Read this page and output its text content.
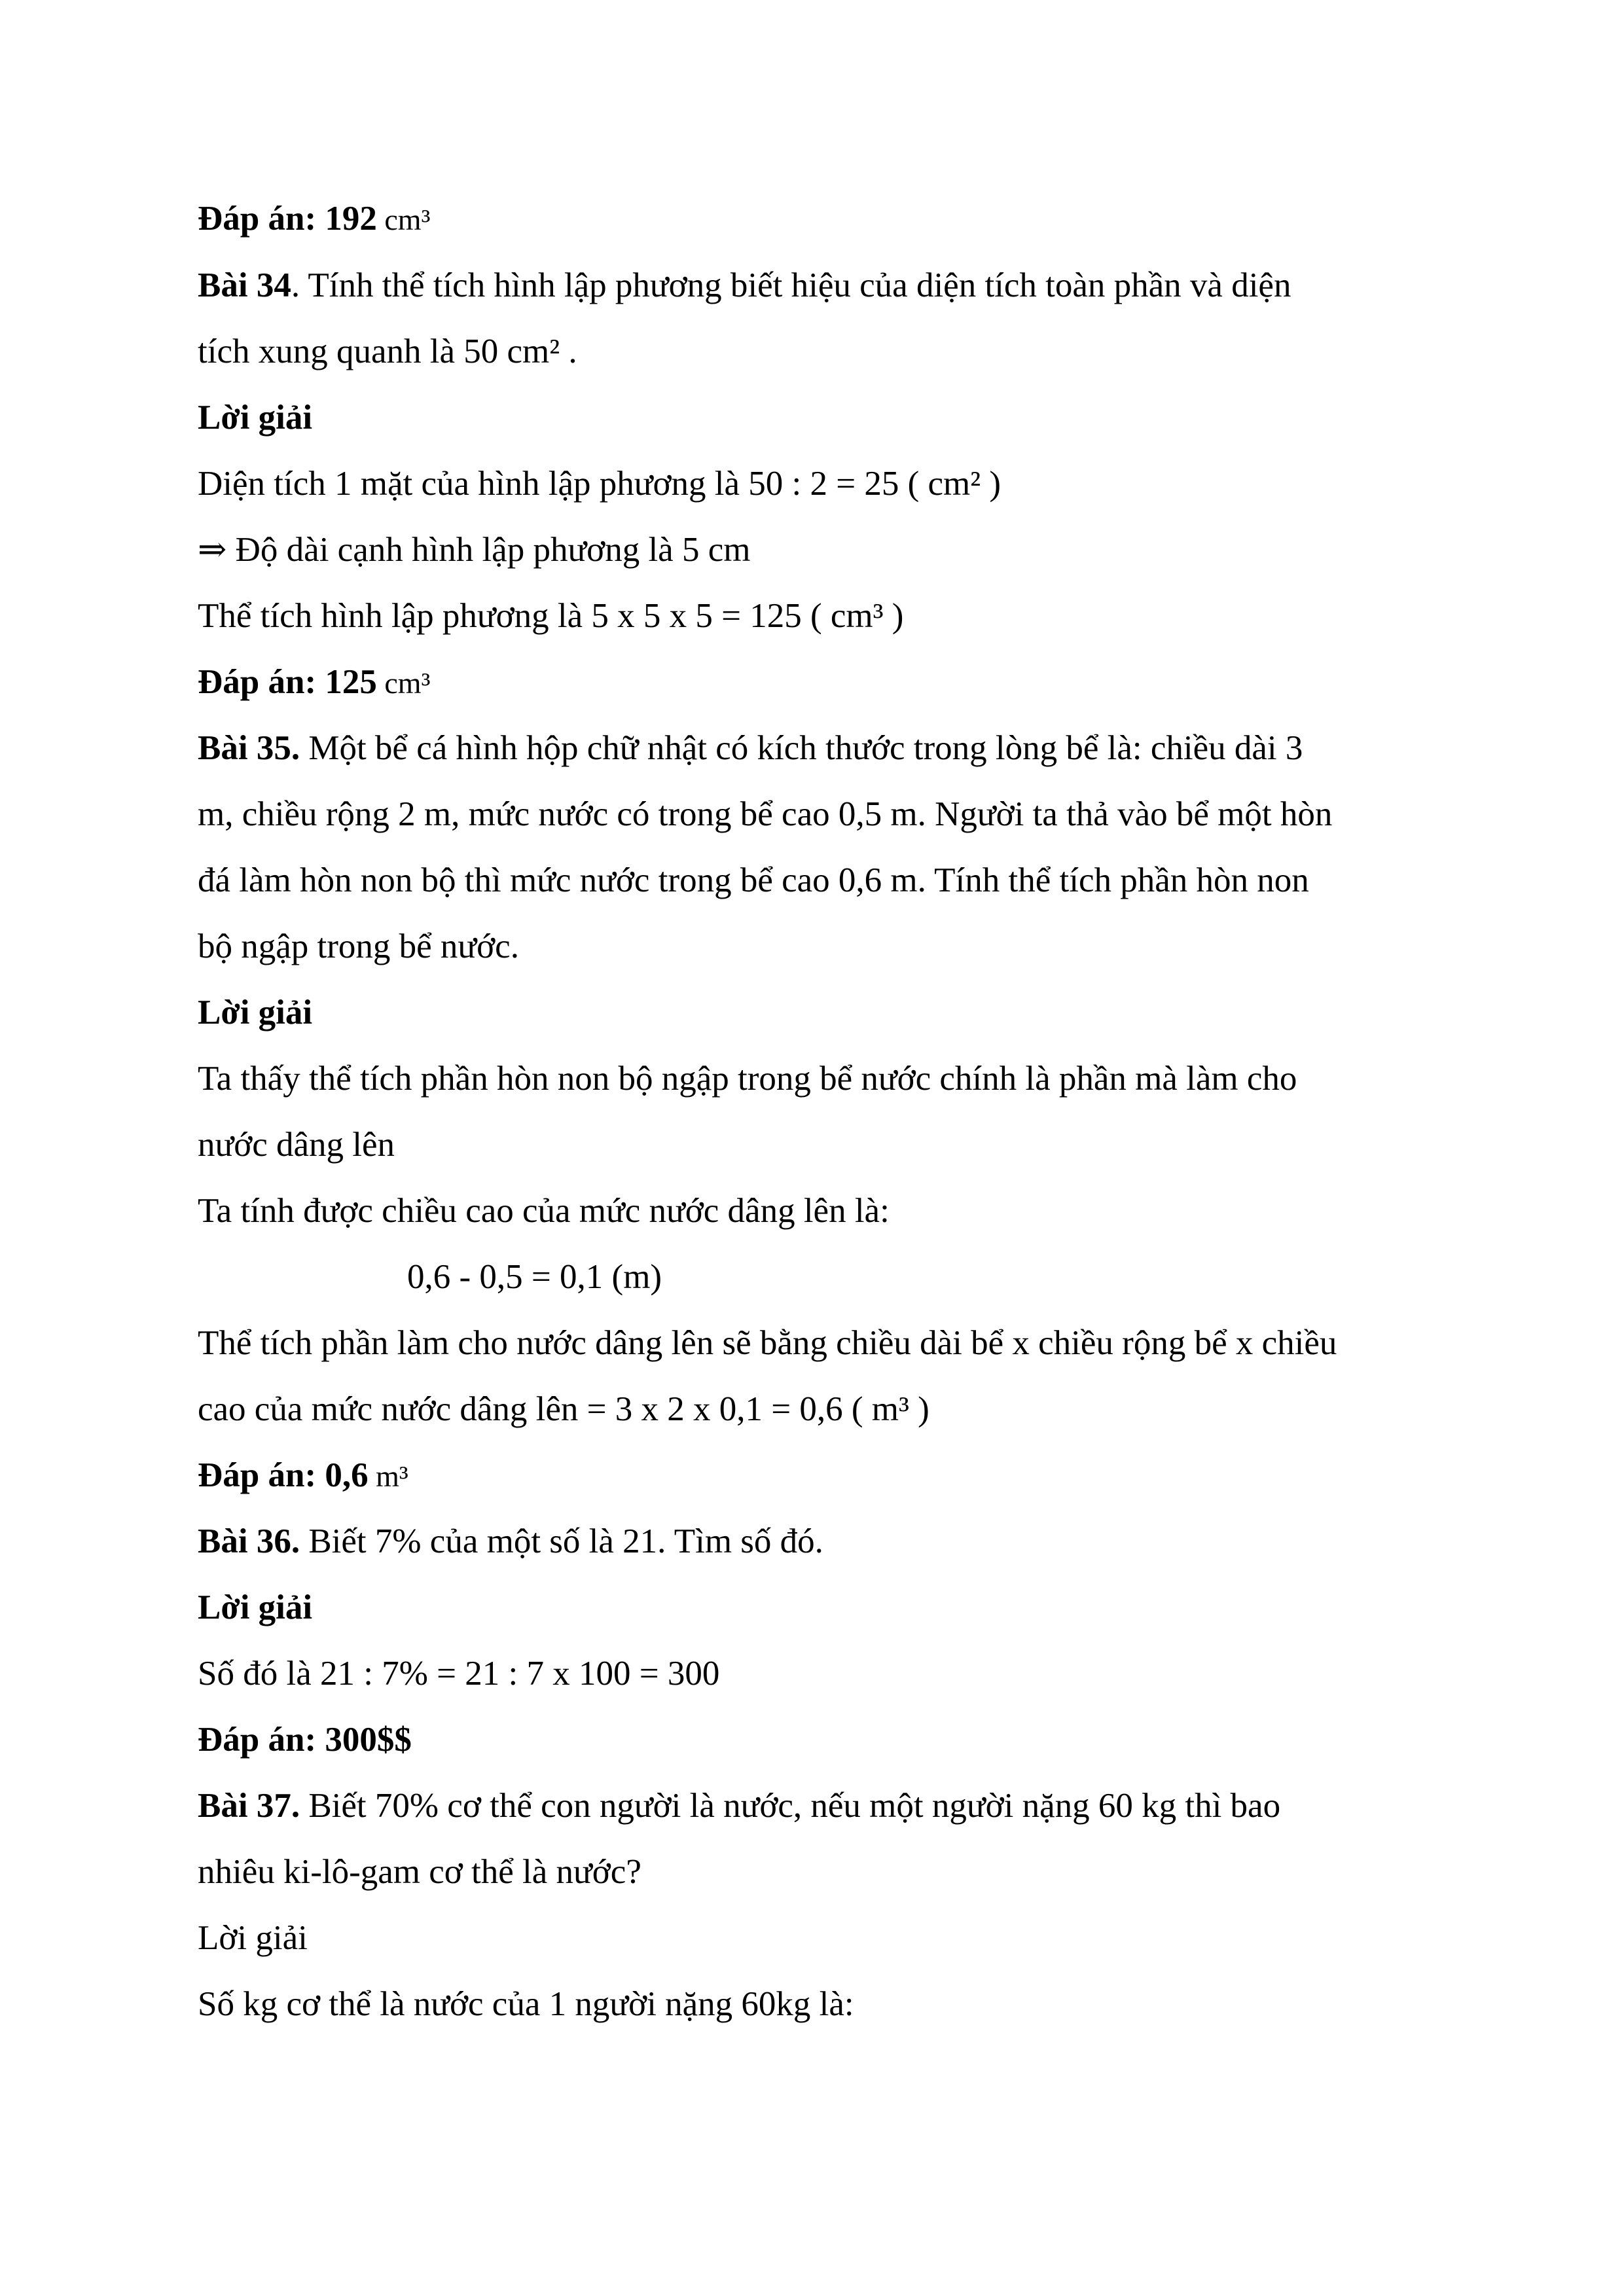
Đáp án: 192 cm³
Bài 34. Tính thể tích hình lập phương biết hiệu của diện tích toàn phần và diện
tích xung quanh là 50 cm² .
Lời giải
Diện tích 1 mặt của hình lập phương là 50 : 2 = 25 ( cm² )
⇒ Độ dài cạnh hình lập phương là 5 cm
Thể tích hình lập phương là 5 x 5 x 5 = 125 ( cm³ )
Đáp án: 125 cm³
Bài 35. Một bể cá hình hộp chữ nhật có kích thước trong lòng bể là: chiều dài 3
m, chiều rộng 2 m, mức nước có trong bể cao 0,5 m. Người ta thả vào bể một hòn
đá làm hòn non bộ thì mức nước trong bể cao 0,6 m. Tính thể tích phần hòn non
bộ ngập trong bể nước.
Lời giải
Ta thấy thể tích phần hòn non bộ ngập trong bể nước chính là phần mà làm cho
nước dâng lên
Ta tính được chiều cao của mức nước dâng lên là:
0,6 - 0,5 = 0,1 (m)
Thể tích phần làm cho nước dâng lên sẽ bằng chiều dài bể x chiều rộng bể x chiều
cao của mức nước dâng lên = 3 x 2 x 0,1 = 0,6 ( m³ )
Đáp án: 0,6 m³
Bài 36. Biết 7% của một số là 21. Tìm số đó.
Lời giải
Số đó là 21 : 7% = 21 : 7 x 100 = 300
Đáp án: 300$$
Bài 37. Biết 70% cơ thể con người là nước, nếu một người nặng 60 kg thì bao
nhiêu ki-lô-gam cơ thể là nước?
Lời giải
Số kg cơ thể là nước của 1 người nặng 60kg là:
